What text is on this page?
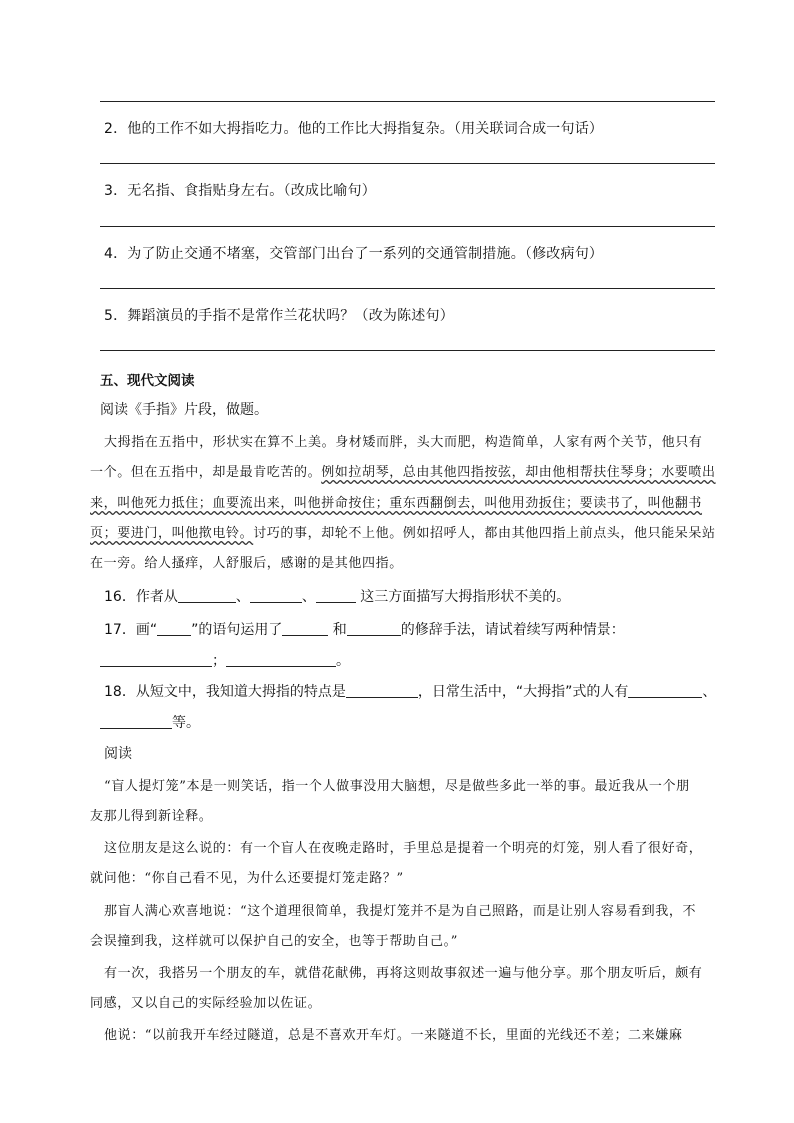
2．他的工作不如大拇指吃力。他的工作比大拇指复杂。（用关联词合成一句话）
3．无名指、食指贴身左右。（改成比喻句）
4．为了防止交通不堵塞，交管部门出台了一系列的交通管制措施。（修改病句）
5．舞蹈演员的手指不是常作兰花状吗？（改为陈述句）
五、现代文阅读
阅读《手指》片段，做题。
大拇指在五指中，形状实在算不上美。身材矮而胖，头大而肥，构造简单，人家有两个关节，他只有
一个。但在五指中，却是最肯吃苦的。例如拉胡琴，总由其他四指按弦，却由他相帮扶住琴身；水要喷出
来，叫他死力抵住；血要流出来，叫他拼命按住；重东西翻倒去，叫他用劲扳住；要读书了，叫他翻书
页；要进门，叫他揿电铃。讨巧的事，却轮不上他。例如招呼人，都由其他四指上前点头，他只能呆呆站
在一旁。给人搔痒，人舒服后，感谢的是其他四指。
16．作者从	、	、	这三方面描写大拇指形状不美的。
17．画“ ”的语句运用了	和	的修辞手法，请试着续写两种情景：
；	。
18．从短文中，我知道大拇指的特点是	，日常生活中，“大拇指”式的人有	、
等。
阅读
“盲人提灯笼”本是一则笑话，指一个人做事没用大脑想，尽是做些多此一举的事。最近我从一个朋
友那儿得到新诠释。
这位朋友是这么说的：有一个盲人在夜晚走路时，手里总是提着一个明亮的灯笼，别人看了很好奇，
就问他：“你自己看不见，为什么还要提灯笼走路？”
那盲人满心欢喜地说：“这个道理很简单，我提灯笼并不是为自己照路，而是让别人容易看到我，不
会误撞到我，这样就可以保护自己的安全，也等于帮助自己。”
有一次，我搭另一个朋友的车，就借花献佛，再将这则故事叙述一遍与他分享。那个朋友听后，颇有
同感，又以自己的实际经验加以佐证。
他说：“以前我开车经过隧道，总是不喜欢开车灯。一来隧道不长，里面的光线还不差；二来嫌麻
